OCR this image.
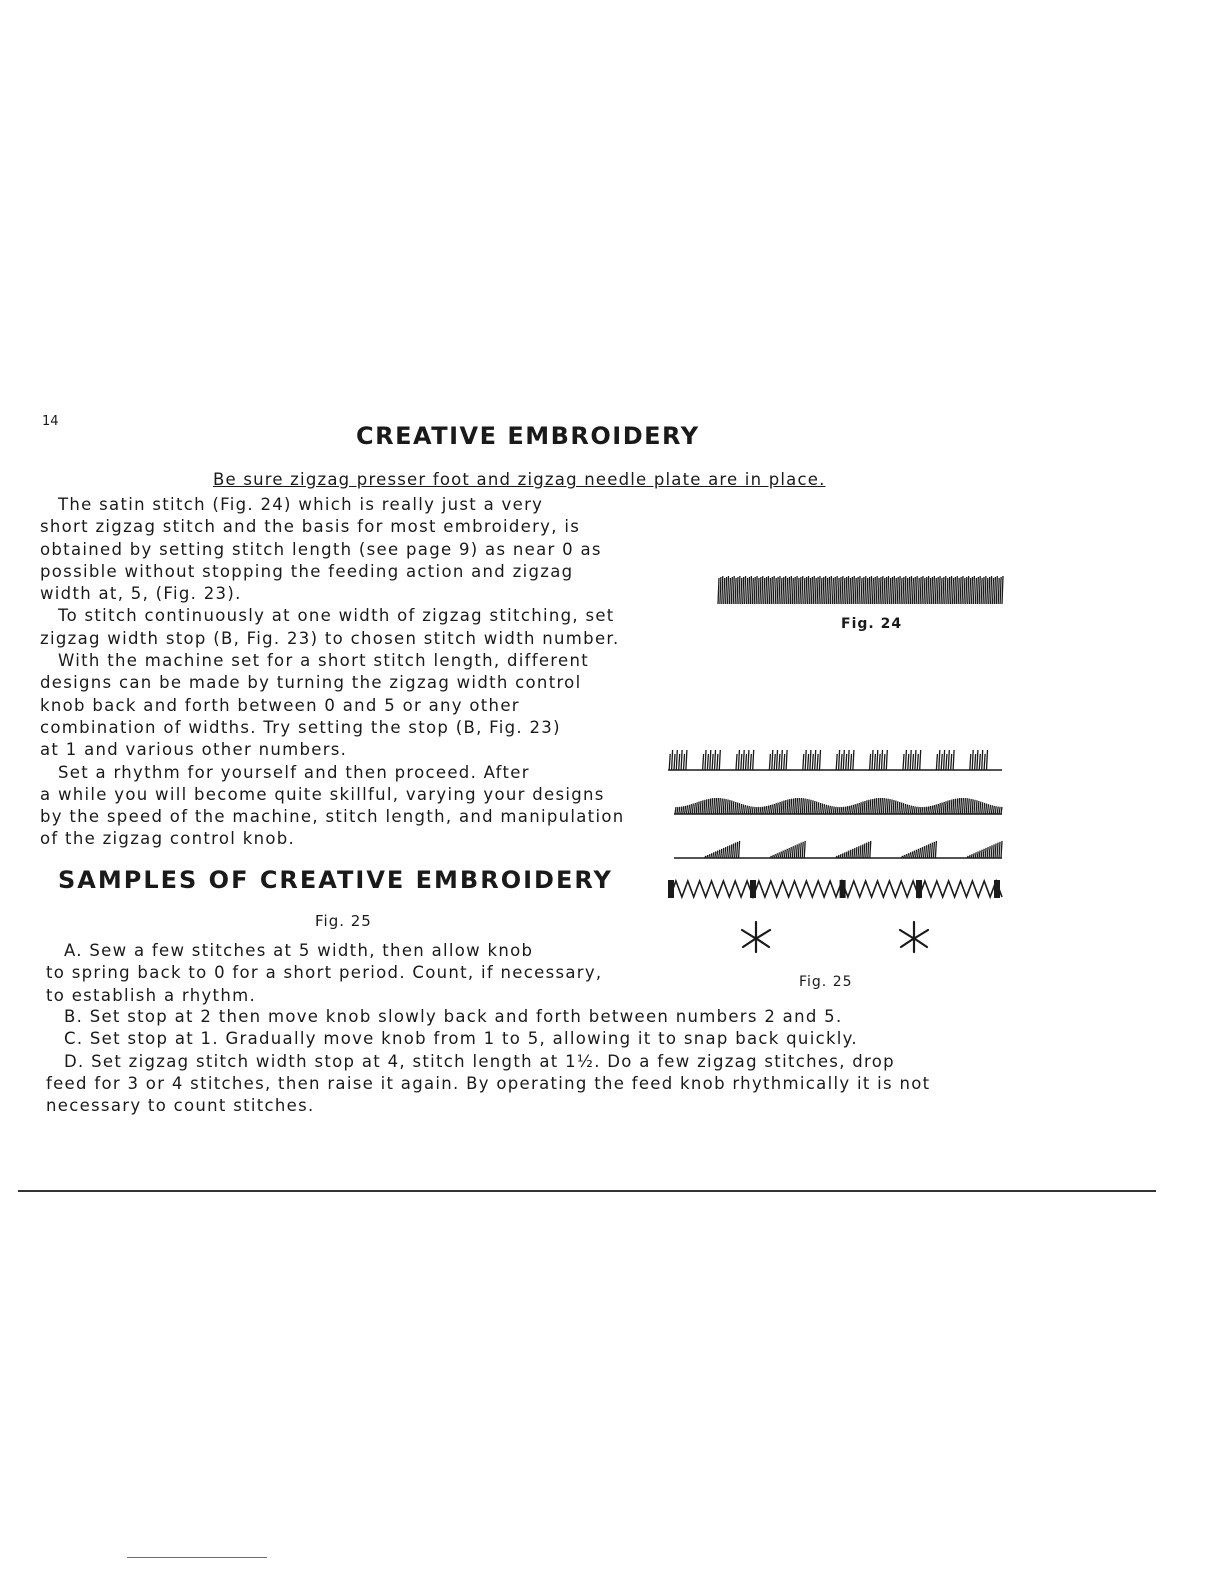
14
CREATIVE EMBROIDERY
Be sure zigzag presser foot and zigzag needle plate are in place.
The satin stitch (Fig. 24) which is really just a very
short zigzag stitch and the basis for most embroidery, is
obtained by setting stitch length (see page 9) as near 0 as
possible without stopping the feeding action and zigzag
width at, 5, (Fig. 23).
To stitch continuously at one width of zigzag stitching, set
zigzag width stop (B, Fig. 23) to chosen stitch width number.
With the machine set for a short stitch length, different
designs can be made by turning the zigzag width control
knob back and forth between 0 and 5 or any other
combination of widths. Try setting the stop (B, Fig. 23)
at 1 and various other numbers.
Set a rhythm for yourself and then proceed. After
a while you will become quite skillful, varying your designs
by the speed of the machine, stitch length, and manipulation
of the zigzag control knob.
SAMPLES OF CREATIVE EMBROIDERY
Fig. 25
A. Sew a few stitches at 5 width, then allow knob
to spring back to 0 for a short period. Count, if necessary,
to establish a rhythm.
B. Set stop at 2 then move knob slowly back and forth between numbers 2 and 5.
C. Set stop at 1. Gradually move knob from 1 to 5, allowing it to snap back quickly.
D. Set zigzag stitch width stop at 4, stitch length at 1½. Do a few zigzag stitches, drop
feed for 3 or 4 stitches, then raise it again. By operating the feed knob rhythmically it is not
necessary to count stitches.
Fig. 24
Fig. 25
